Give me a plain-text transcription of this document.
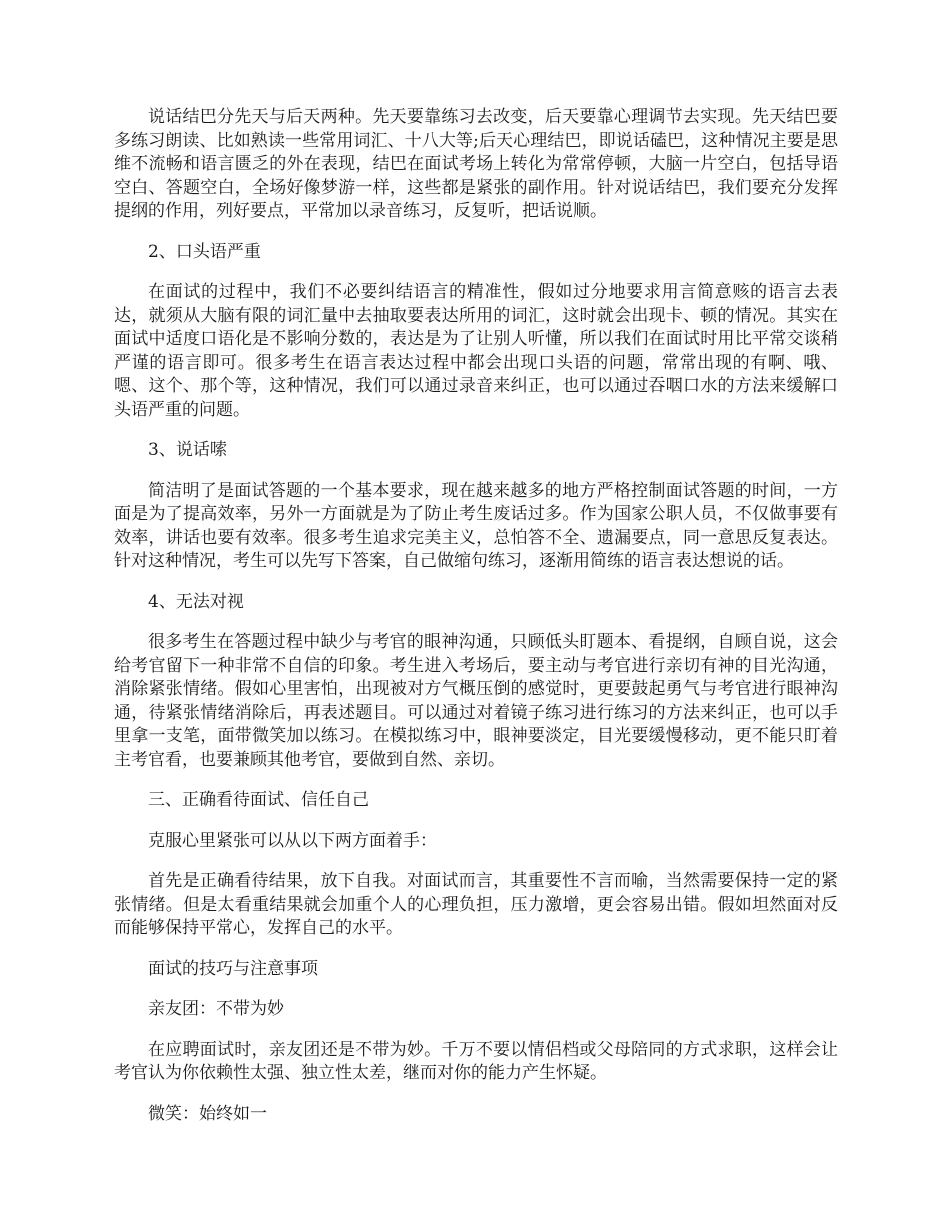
说话结巴分先天与后天两种。先天要靠练习去改变，后天要靠心理调节去实现。先天结巴要多练习朗读、比如熟读一些常用词汇、十八大等;后天心理结巴，即说话磕巴，这种情况主要是思维不流畅和语言匮乏的外在表现，结巴在面试考场上转化为常常停顿，大脑一片空白，包括导语空白、答题空白，全场好像梦游一样，这些都是紧张的副作用。针对说话结巴，我们要充分发挥提纲的作用，列好要点，平常加以录音练习，反复听，把话说顺。

2、口头语严重

在面试的过程中，我们不必要纠结语言的精准性，假如过分地要求用言简意赅的语言去表达，就须从大脑有限的词汇量中去抽取要表达所用的词汇，这时就会出现卡、顿的情况。其实在面试中适度口语化是不影响分数的，表达是为了让别人听懂，所以我们在面试时用比平常交谈稍严谨的语言即可。很多考生在语言表达过程中都会出现口头语的问题，常常出现的有啊、哦、嗯、这个、那个等，这种情况，我们可以通过录音来纠正，也可以通过吞咽口水的方法来缓解口头语严重的问题。

3、说话嗦

简洁明了是面试答题的一个基本要求，现在越来越多的地方严格控制面试答题的时间，一方面是为了提高效率，另外一方面就是为了防止考生废话过多。作为国家公职人员，不仅做事要有效率，讲话也要有效率。很多考生追求完美主义，总怕答不全、遗漏要点，同一意思反复表达。针对这种情况，考生可以先写下答案，自己做缩句练习，逐渐用简练的语言表达想说的话。

4、无法对视

很多考生在答题过程中缺少与考官的眼神沟通，只顾低头盯题本、看提纲，自顾自说，这会给考官留下一种非常不自信的印象。考生进入考场后，要主动与考官进行亲切有神的目光沟通，消除紧张情绪。假如心里害怕，出现被对方气概压倒的感觉时，更要鼓起勇气与考官进行眼神沟通，待紧张情绪消除后，再表述题目。可以通过对着镜子练习进行练习的方法来纠正，也可以手里拿一支笔，面带微笑加以练习。在模拟练习中，眼神要淡定，目光要缓慢移动，更不能只盯着主考官看，也要兼顾其他考官，要做到自然、亲切。

三、正确看待面试、信任自己

克服心里紧张可以从以下两方面着手：

首先是正确看待结果，放下自我。对面试而言，其重要性不言而喻，当然需要保持一定的紧张情绪。但是太看重结果就会加重个人的心理负担，压力激增，更会容易出错。假如坦然面对反而能够保持平常心，发挥自己的水平。

面试的技巧与注意事项

亲友团：不带为妙

在应聘面试时，亲友团还是不带为妙。千万不要以情侣档或父母陪同的方式求职，这样会让考官认为你依赖性太强、独立性太差，继而对你的能力产生怀疑。

微笑：始终如一
